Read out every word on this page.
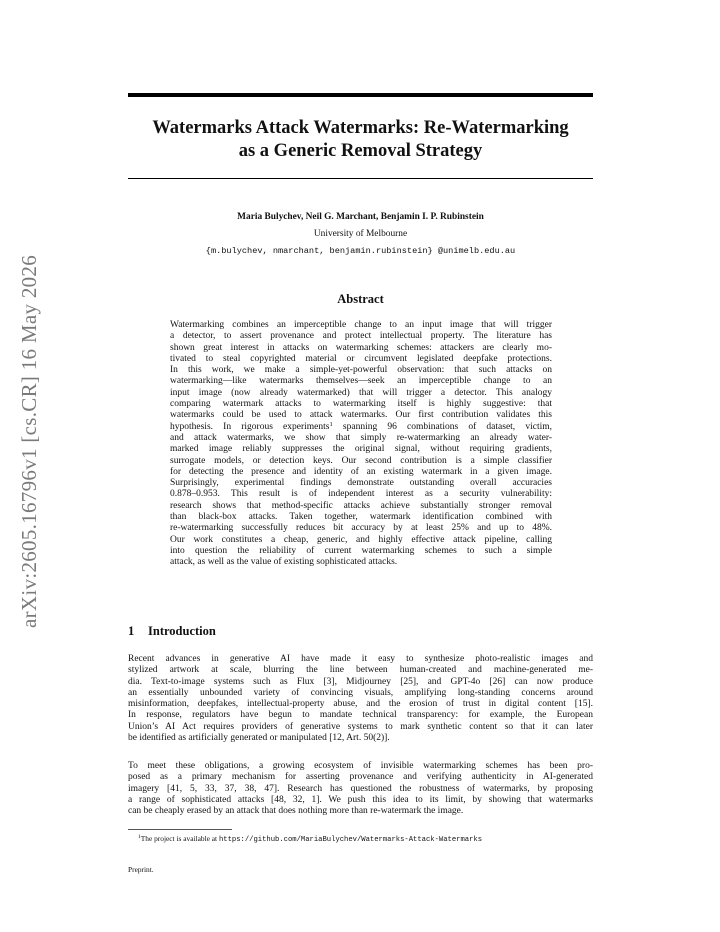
arXiv:2605.16796v1 [cs.CR] 16 May 2026
Watermarks Attack Watermarks: Re-Watermarking
as a Generic Removal Strategy
Maria Bulychev, Neil G. Marchant, Benjamin I. P. Rubinstein
University of Melbourne
{m.bulychev, nmarchant, benjamin.rubinstein} @unimelb.edu.au
Abstract
Watermarking combines an imperceptible change to an input image that will trigger
a detector, to assert provenance and protect intellectual property. The literature has
shown great interest in attacks on watermarking schemes: attackers are clearly mo-
tivated to steal copyrighted material or circumvent legislated deepfake protections.
In this work, we make a simple-yet-powerful observation: that such attacks on
watermarking—like watermarks themselves—seek an imperceptible change to an
input image (now already watermarked) that will trigger a detector. This analogy
comparing watermark attacks to watermarking itself is highly suggestive: that
watermarks could be used to attack watermarks. Our first contribution validates this
hypothesis. In rigorous experiments$^1$ spanning 96 combinations of dataset, victim,
and attack watermarks, we show that simply re-watermarking an already water-
marked image reliably suppresses the original signal, without requiring gradients,
surrogate models, or detection keys. Our second contribution is a simple classifier
for detecting the presence and identity of an existing watermark in a given image.
Surprisingly, experimental findings demonstrate outstanding overall accuracies
0.878–0.953. This result is of independent interest as a security vulnerability:
research shows that method-specific attacks achieve substantially stronger removal
than black-box attacks. Taken together, watermark identification combined with
re-watermarking successfully reduces bit accuracy by at least 25% and up to 48%.
Our work constitutes a cheap, generic, and highly effective attack pipeline, calling
into question the reliability of current watermarking schemes to such a simple
attack, as well as the value of existing sophisticated attacks.
1 Introduction
Recent advances in generative AI have made it easy to synthesize photo-realistic images and
stylized artwork at scale, blurring the line between human-created and machine-generated me-
dia. Text-to-image systems such as Flux [3], Midjourney [25], and GPT-4o [26] can now produce
an essentially unbounded variety of convincing visuals, amplifying long-standing concerns around
misinformation, deepfakes, intellectual-property abuse, and the erosion of trust in digital content [15].
In response, regulators have begun to mandate technical transparency: for example, the European
Union’s AI Act requires providers of generative systems to mark synthetic content so that it can later
be identified as artificially generated or manipulated [12, Art. 50(2)].
To meet these obligations, a growing ecosystem of invisible watermarking schemes has been pro-
posed as a primary mechanism for asserting provenance and verifying authenticity in AI-generated
imagery [41, 5, 33, 37, 38, 47]. Research has questioned the robustness of watermarks, by proposing
a range of sophisticated attacks [48, 32, 1]. We push this idea to its limit, by showing that watermarks
can be cheaply erased by an attack that does nothing more than re-watermark the image.
$^1$The project is available at https://github.com/MariaBulychev/Watermarks-Attack-Watermarks
Preprint.
